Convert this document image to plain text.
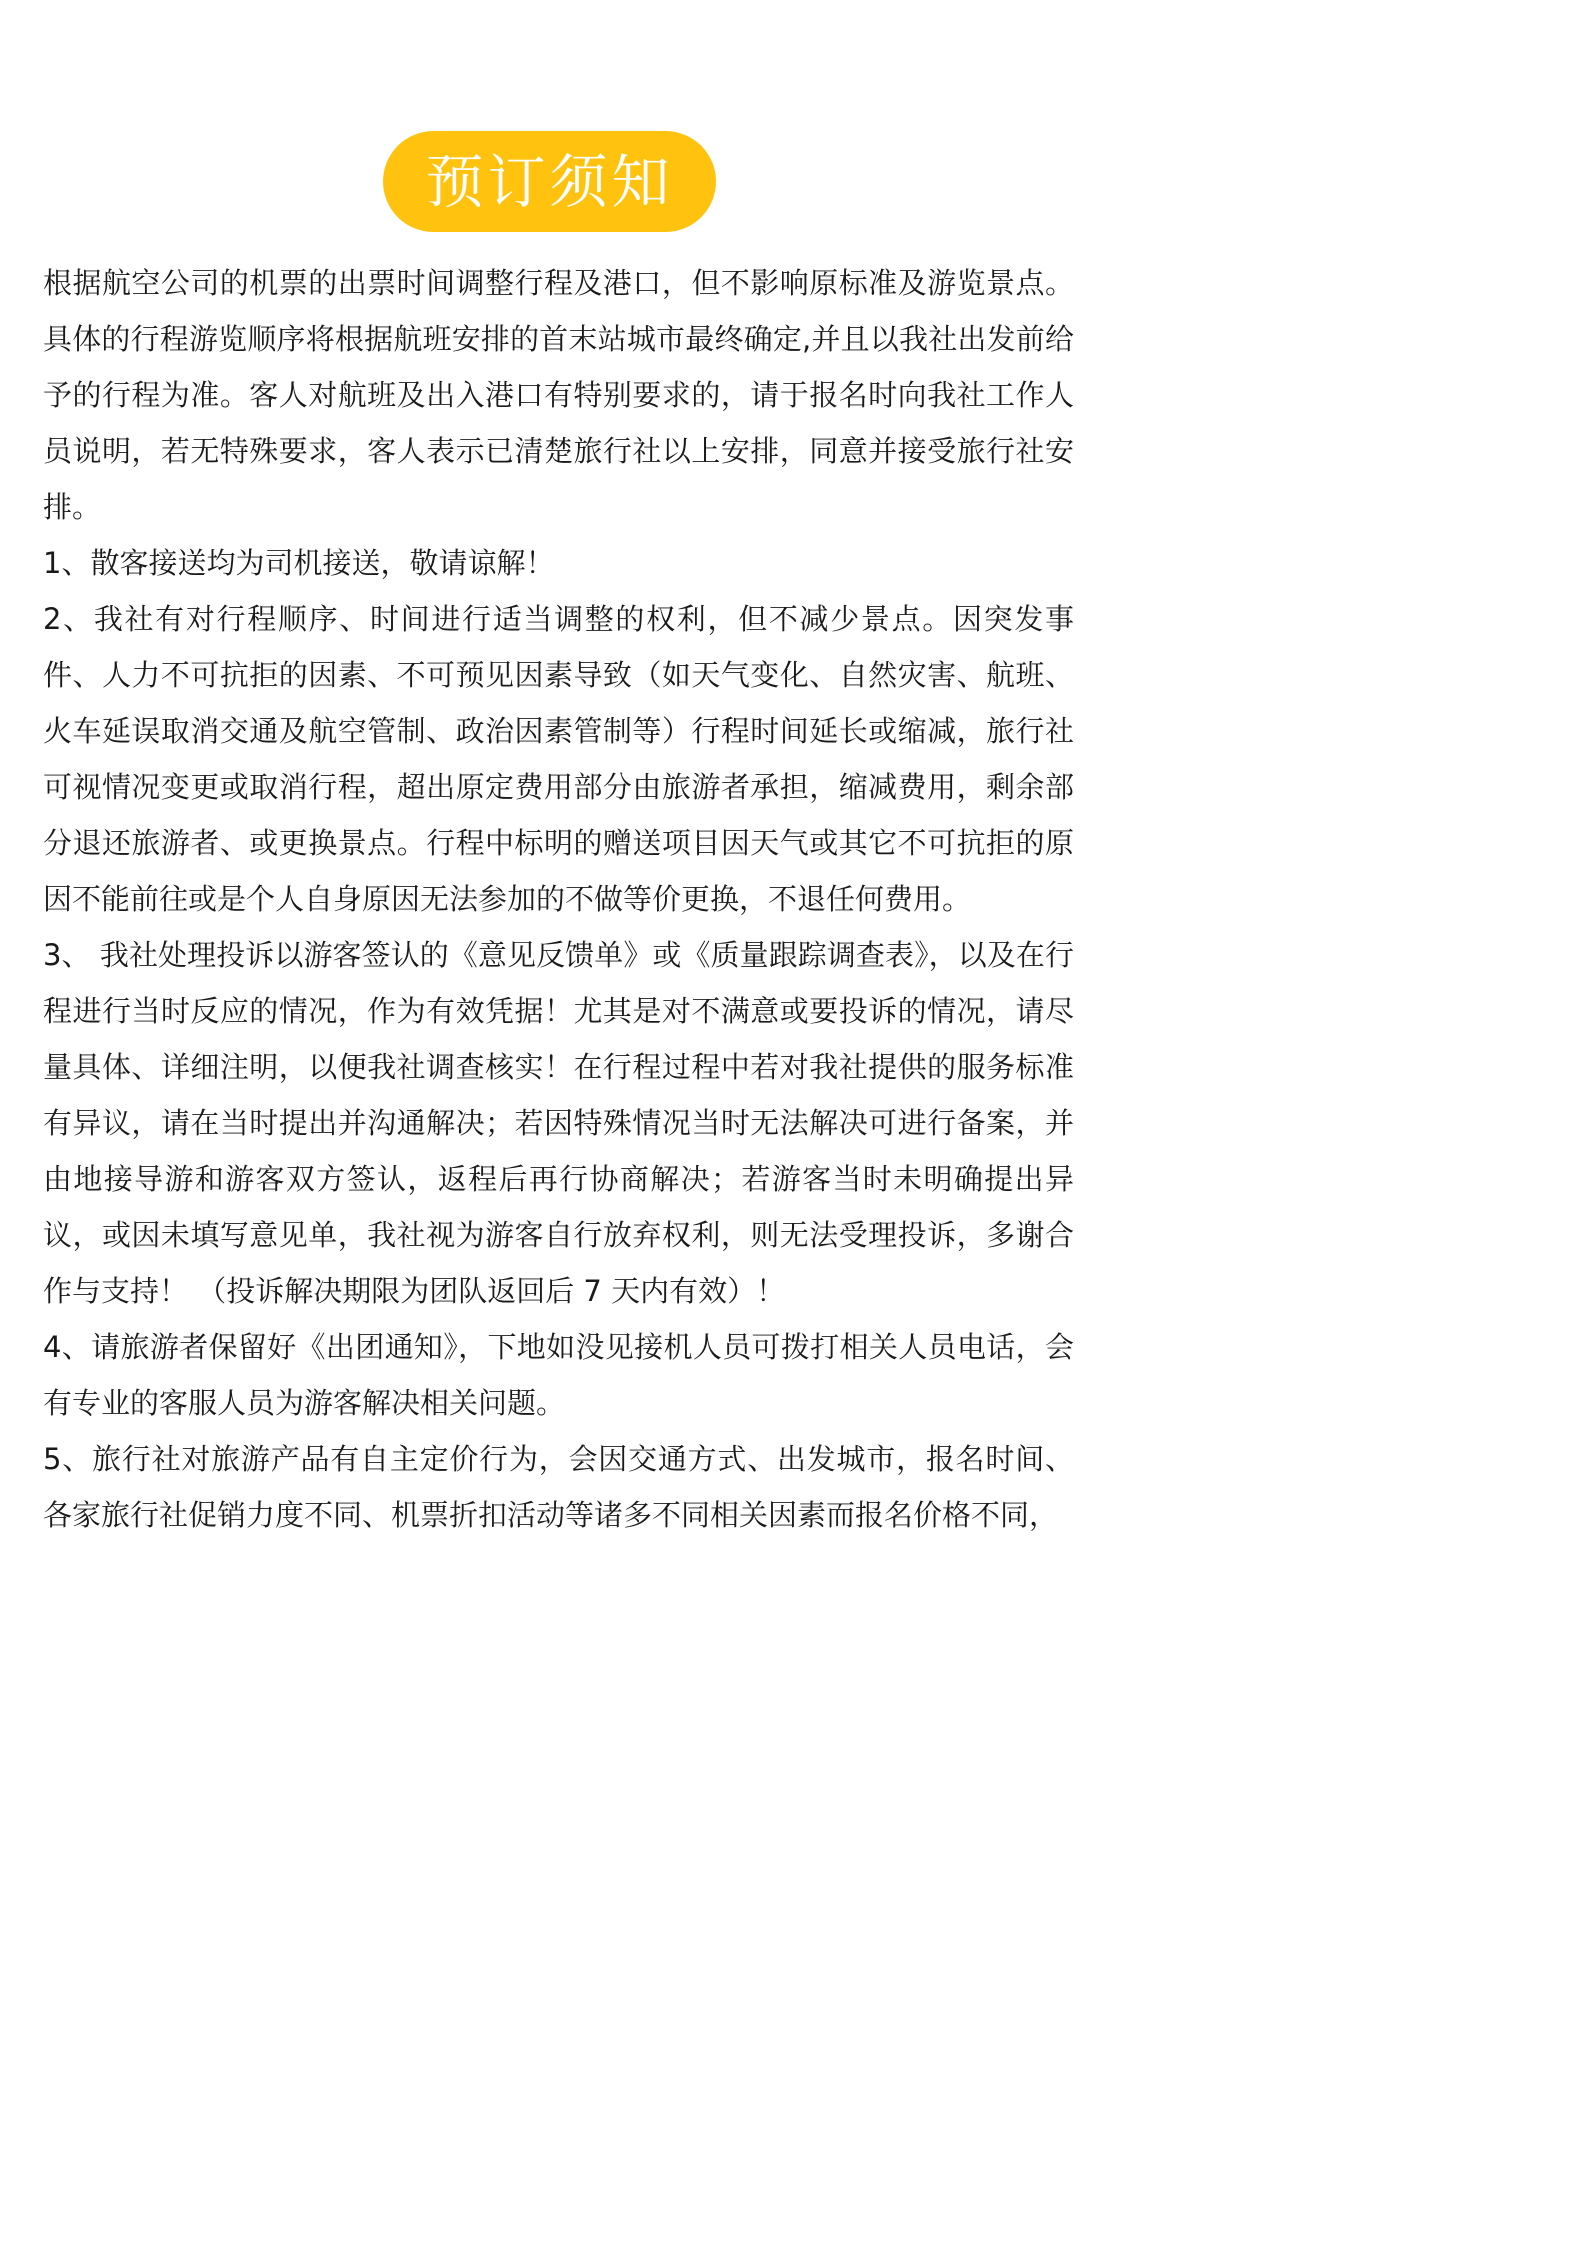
预订须知

根据航空公司的机票的出票时间调整行程及港口，但不影响原标准及游览景点。具体的行程游览顺序将根据航班安排的首末站城市最终确定,并且以我社出发前给予的行程为准。客人对航班及出入港口有特别要求的，请于报名时向我社工作人员说明，若无特殊要求，客人表示已清楚旅行社以上安排，同意并接受旅行社安排。

1、散客接送均为司机接送，敬请谅解！

2、我社有对行程顺序、时间进行适当调整的权利，但不减少景点。因突发事件、人力不可抗拒的因素、不可预见因素导致（如天气变化、自然灾害、航班、火车延误取消交通及航空管制、政治因素管制等）行程时间延长或缩减，旅行社可视情况变更或取消行程，超出原定费用部分由旅游者承担，缩减费用，剩余部分退还旅游者、或更换景点。行程中标明的赠送项目因天气或其它不可抗拒的原因不能前往或是个人自身原因无法参加的不做等价更换，不退任何费用。

3、 我社处理投诉以游客签认的《意见反馈单》或《质量跟踪调查表》，以及在行程进行当时反应的情况，作为有效凭据！尤其是对不满意或要投诉的情况，请尽量具体、详细注明，以便我社调查核实！在行程过程中若对我社提供的服务标准有异议，请在当时提出并沟通解决；若因特殊情况当时无法解决可进行备案，并由地接导游和游客双方签认，返程后再行协商解决；若游客当时未明确提出异议，或因未填写意见单，我社视为游客自行放弃权利，则无法受理投诉，多谢合作与支持！ （投诉解决期限为团队返回后 7 天内有效）！

4、请旅游者保留好《出团通知》，下地如没见接机人员可拨打相关人员电话，会有专业的客服人员为游客解决相关问题。

5、旅行社对旅游产品有自主定价行为，会因交通方式、出发城市，报名时间、各家旅行社促销力度不同、机票折扣活动等诸多不同相关因素而报名价格不同，
